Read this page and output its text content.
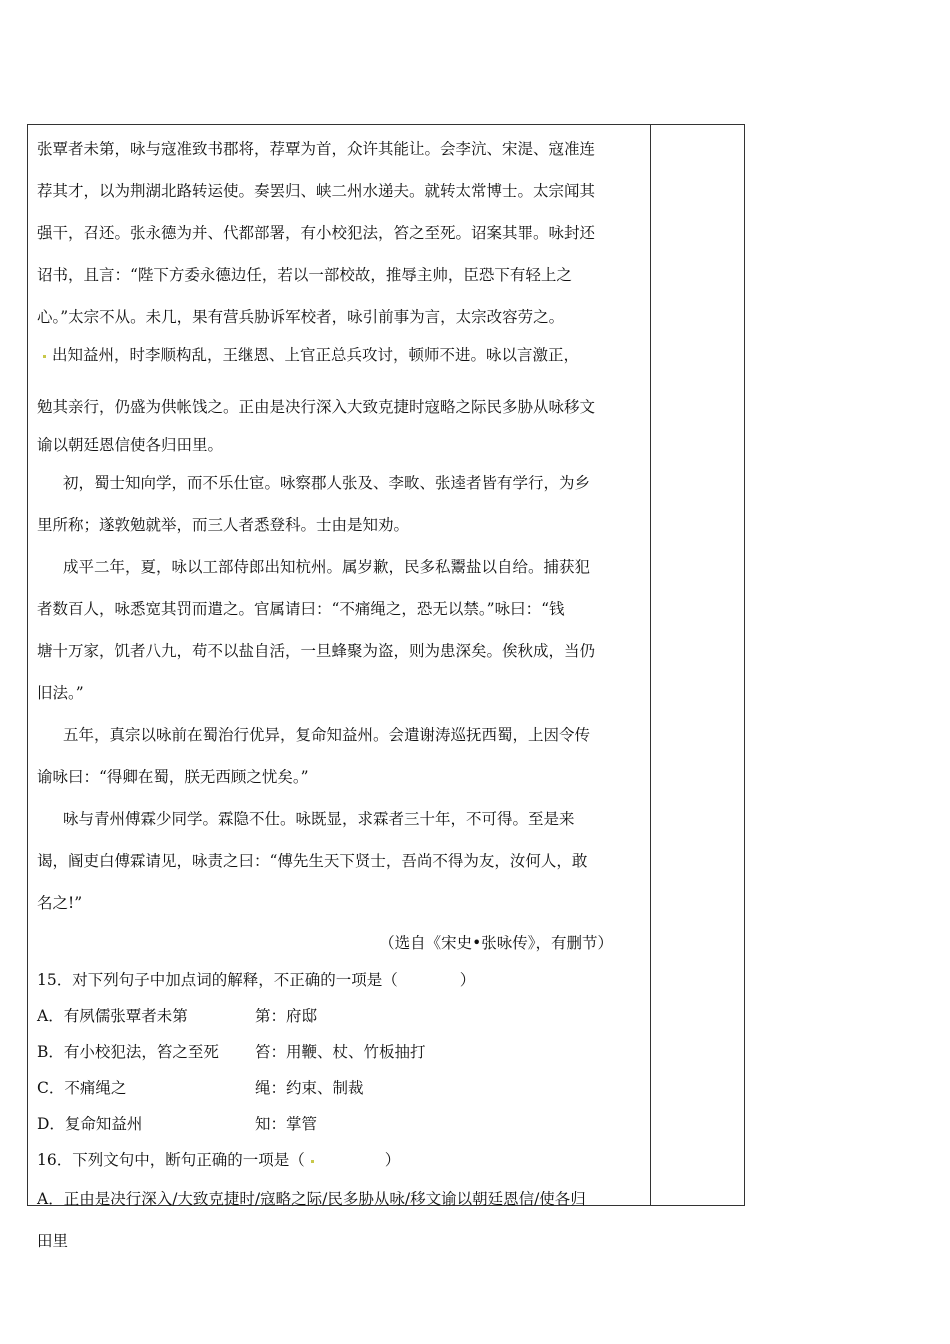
张覃者未第，咏与寇准致书郡将，荐覃为首，众许其能让。会李沆、宋湜、寇准连
荐其才，以为荆湖北路转运使。奏罢归、峡二州水递夫。就转太常博士。太宗闻其
强干，召还。张永德为并、代都部署，有小校犯法，笞之至死。诏案其罪。咏封还
诏书，且言：“陛下方委永德边任，若以一部校故，推辱主帅，臣恐下有轻上之
心。”太宗不从。未几，果有营兵胁诉军校者，咏引前事为言，太宗改容劳之。
出知益州，时李顺构乱，王继恩、上官正总兵攻讨，顿师不进。咏以言激正，
勉其亲行，仍盛为供帐饯之。正由是决行深入大致克捷时寇略之际民多胁从咏移文
谕以朝廷恩信使各归田里。
初，蜀士知向学，而不乐仕宦。咏察郡人张及、李畋、张逵者皆有学行，为乡
里所称；遂敦勉就举，而三人者悉登科。士由是知劝。
成平二年，夏，咏以工部侍郎出知杭州。属岁歉，民多私鬻盐以自给。捕获犯
者数百人，咏悉宽其罚而遣之。官属请曰：“不痛绳之，恐无以禁。”咏曰：“钱
塘十万家，饥者八九，苟不以盐自活，一旦蜂聚为盗，则为患深矣。俟秋成，当仍
旧法。”
五年，真宗以咏前在蜀治行优异，复命知益州。会遣谢涛巡抚西蜀，上因令传
谕咏曰：“得卿在蜀，朕无西顾之忧矣。”
咏与青州傅霖少同学。霖隐不仕。咏既显，求霖者三十年，不可得。至是来
谒，阍吏白傅霖请见，咏责之曰：“傅先生天下贤士，吾尚不得为友，汝何人，敢
名之!”
（选自《宋史•张咏传》，有删节）
15．对下列句子中加点词的解释，不正确的一项是（　　　　）
A．有夙儒张覃者未第	第：府邸
B．有小校犯法，笞之至死 笞：用鞭、杖、竹板抽打
C．不痛绳之	绳：约束、制裁
D．复命知益州	知：掌管
16．下列文句中，断句正确的一项是（	）
A．正由是决行深入/大致克捷时/寇略之际/民多胁从咏/移文谕以朝廷恩信/使各归
田里
